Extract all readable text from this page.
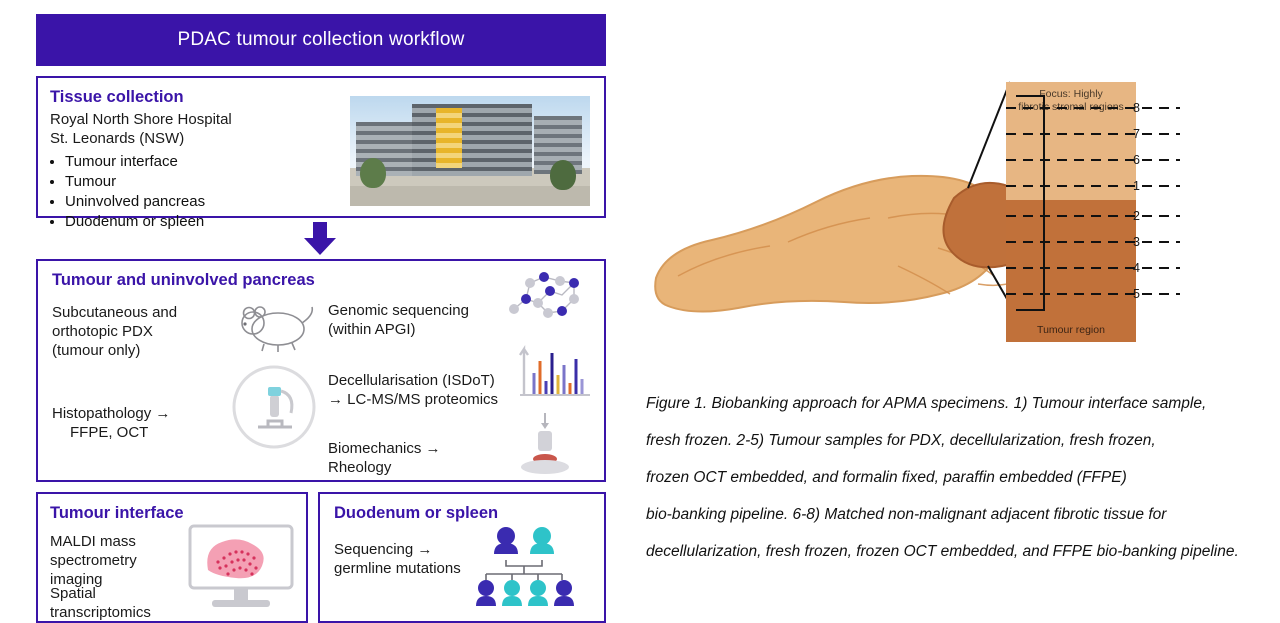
PDAC tumour collection workflow
Tissue collection
Royal North Shore Hospital
St. Leonards (NSW)
• Tumour interface
• Tumour
• Uninvolved pancreas
• Duodenum or spleen
Tumour and uninvolved pancreas
Subcutaneous and
orthotopic PDX
(tumour only)
Histopathology →
FFPE, OCT
Genomic sequencing
(within APGI)
Decellularisation (ISDoT)
→ LC-MS/MS proteomics
Biomechanics →
Rheology
Tumour interface
MALDI mass
spectrometry imaging
Spatial transcriptomics
Duodenum or spleen
Sequencing →
germline mutations
Focus: Highly
fibrotic stromal regions
Tumour region
8
7
6
1
2
3
4
5
Figure 1. Biobanking approach for APMA specimens. 1) Tumour interface sample,
fresh frozen. 2-5) Tumour samples for PDX, decellularization, fresh frozen,
frozen OCT embedded, and formalin fixed, paraffin embedded (FFPE)
bio-banking pipeline. 6-8) Matched non-malignant adjacent fibrotic tissue for
decellularization, fresh frozen, frozen OCT embedded, and FFPE bio-banking pipeline.
